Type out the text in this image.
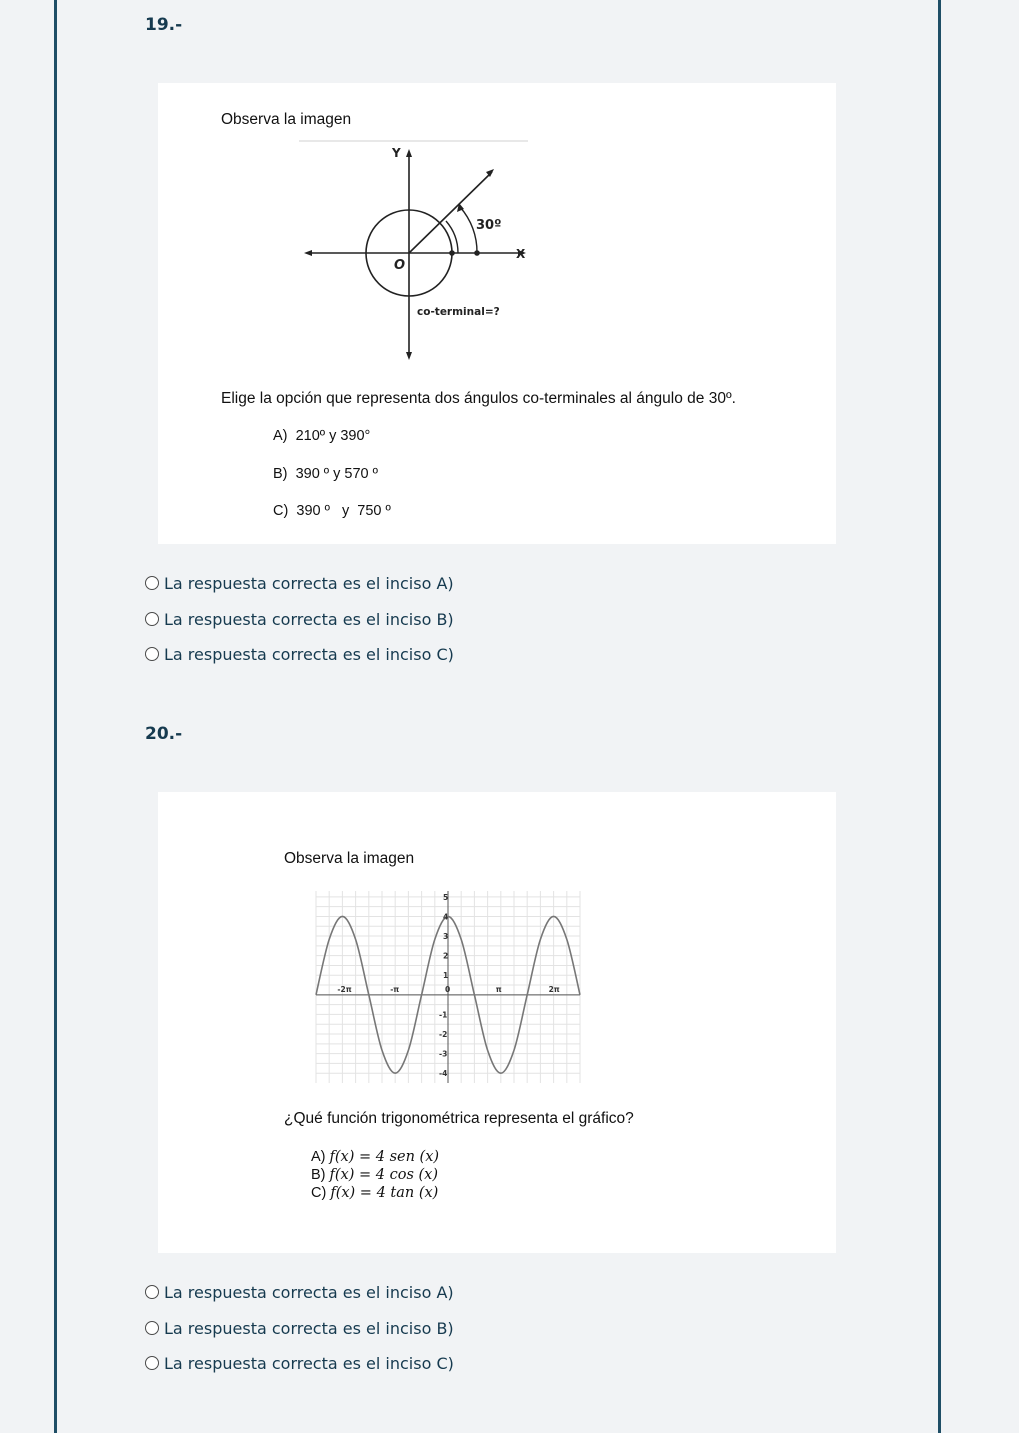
19.-
Observa la imagen
Y
X
O
30º
co-terminal=?
Elige la opción que representa dos ángulos co-terminales al ángulo de 30º.
A) 210º y 390°
B) 390 º y 570 º
C) 390 º   y  750 º
La respuesta correcta es el inciso A)
La respuesta correcta es el inciso B)
La respuesta correcta es el inciso C)
20.-
Observa la imagen
-2π	-π	0	π	2π
5
4
3
2
1
-1
-2
-3
-4
¿Qué función trigonométrica representa el gráfico?
A) f(x) = 4 sen (x)
B) f(x) = 4 cos (x)
C) f(x) = 4 tan (x)
La respuesta correcta es el inciso A)
La respuesta correcta es el inciso B)
La respuesta correcta es el inciso C)
